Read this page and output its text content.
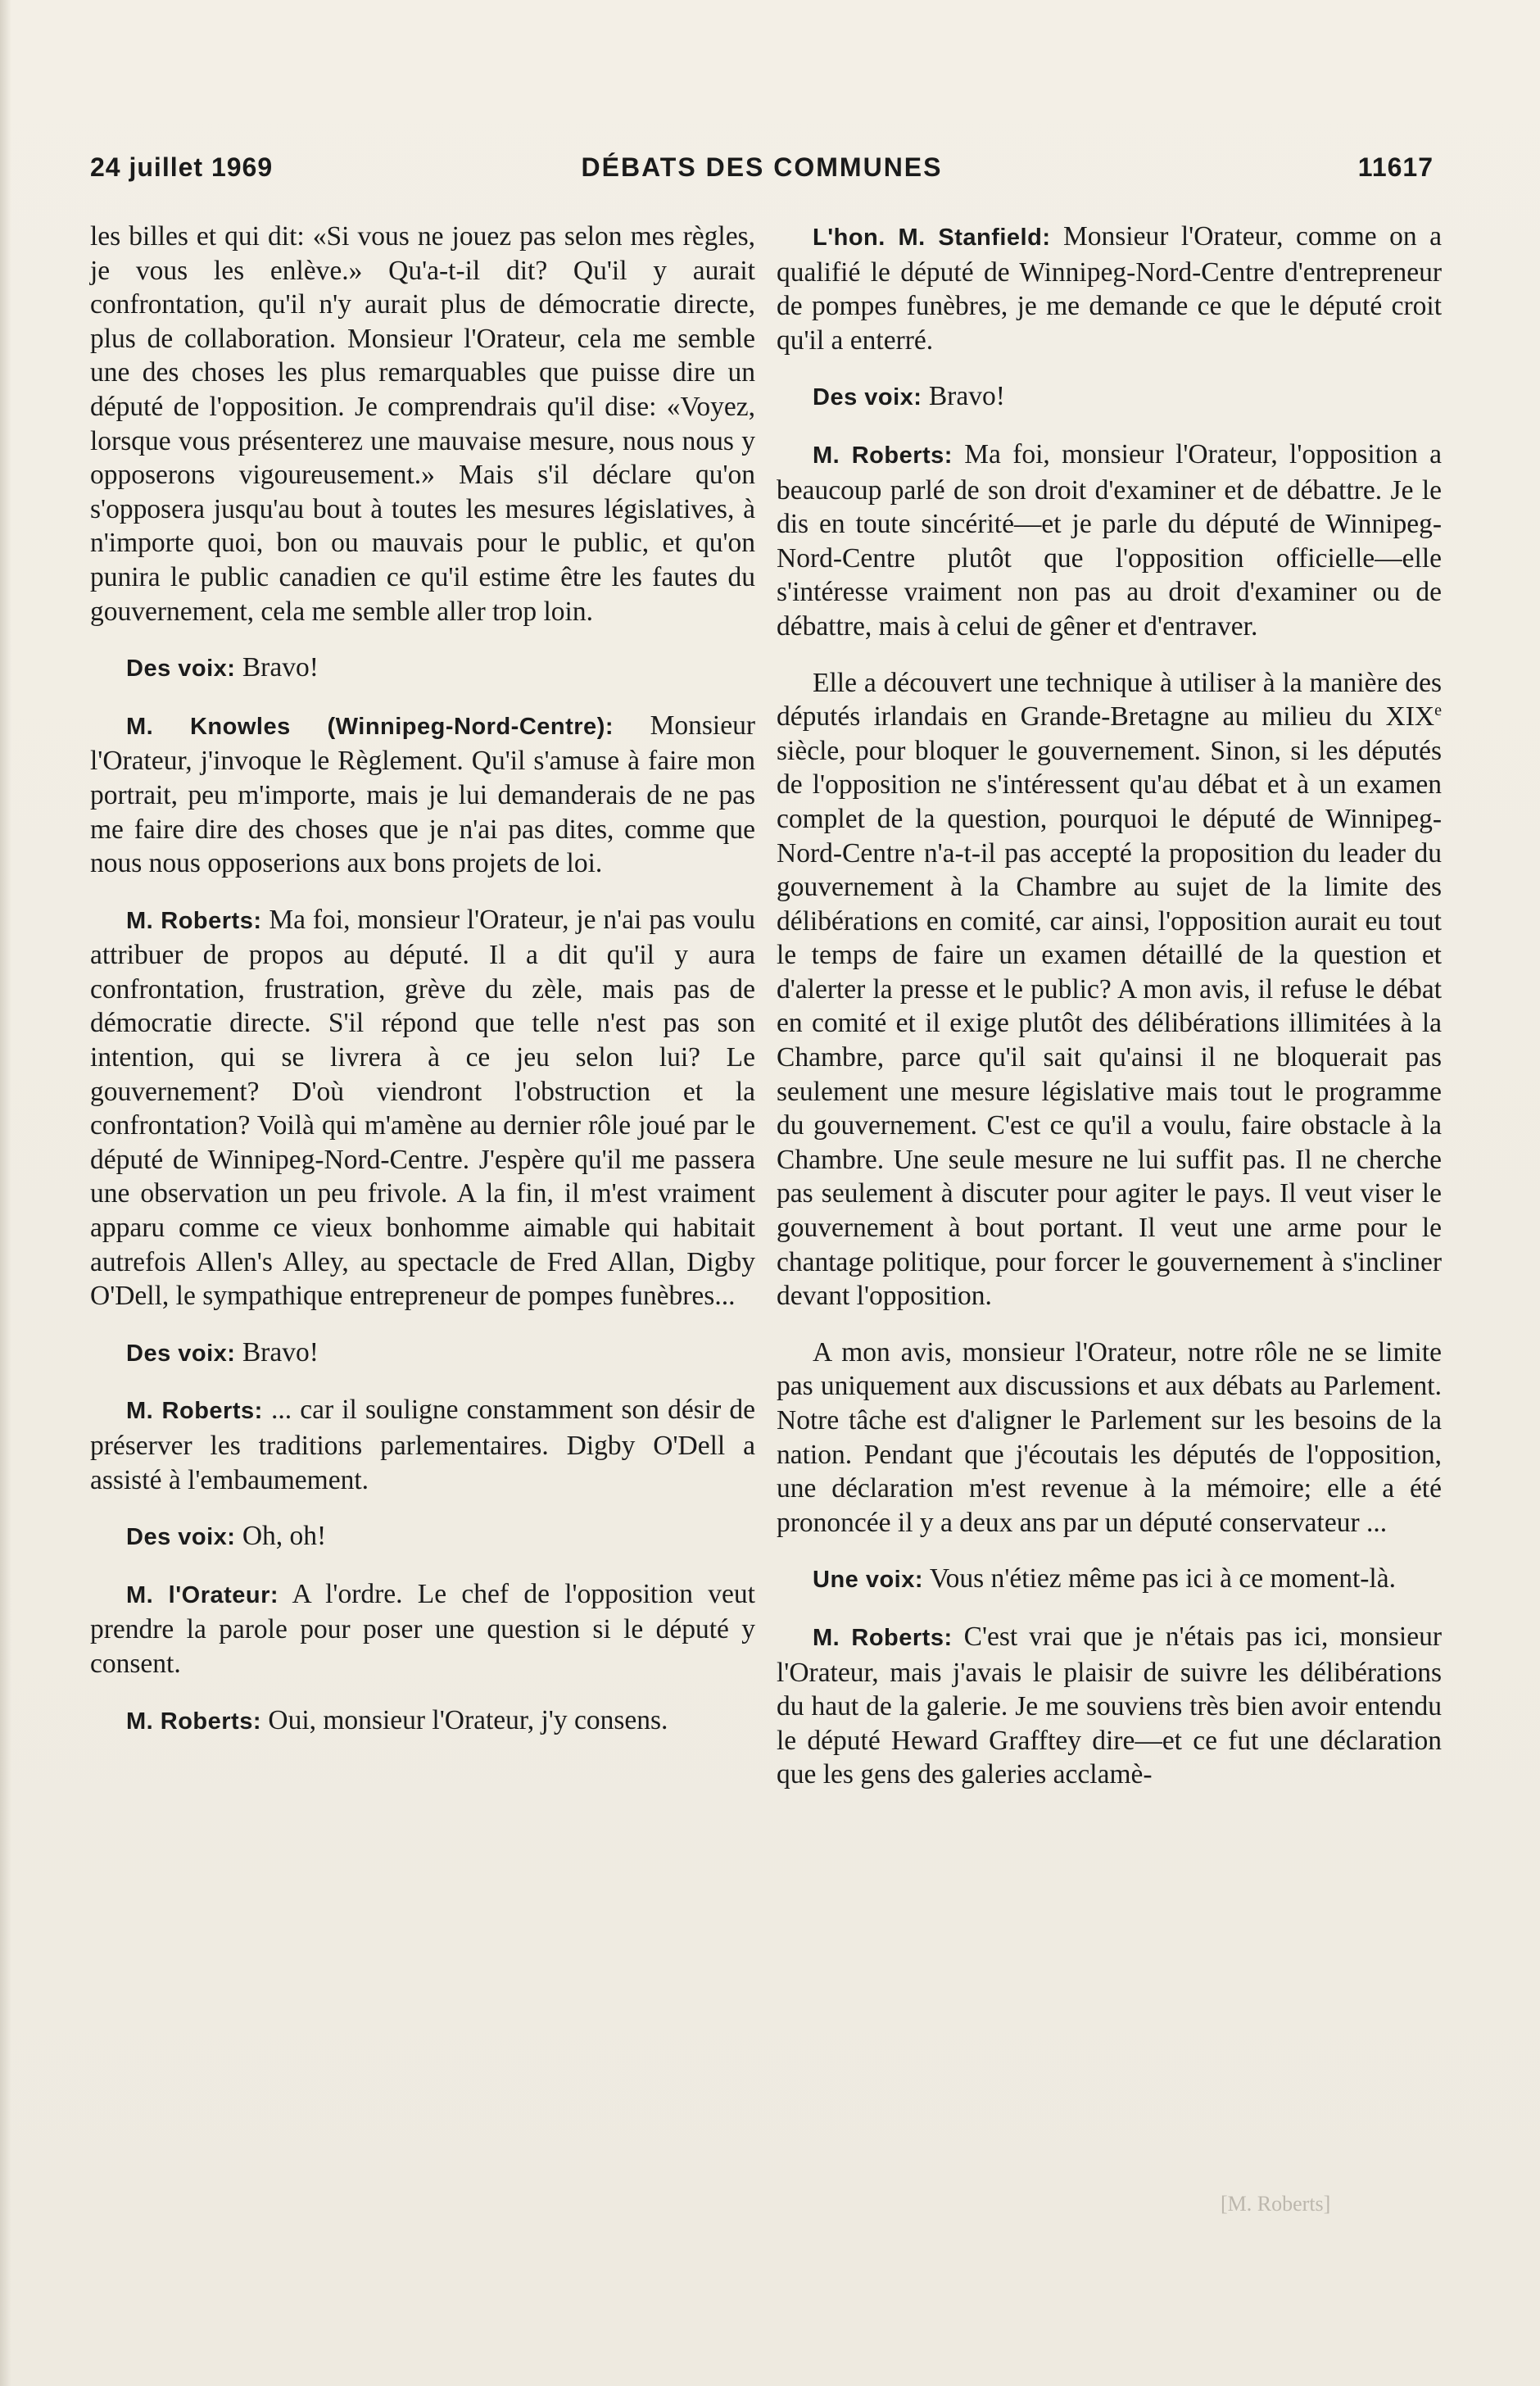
24 juillet 1969	DÉBATS DES COMMUNES	11617

les billes et qui dit: «Si vous ne jouez pas selon mes règles, je vous les enlève.» Qu'a-t-il dit? Qu'il y aurait confrontation, qu'il n'y aurait plus de démocratie directe, plus de collaboration. Monsieur l'Orateur, cela me semble une des choses les plus remarquables que puisse dire un député de l'opposition. Je comprendrais qu'il dise: «Voyez, lorsque vous présenterez une mauvaise mesure, nous nous y opposerons vigoureusement.» Mais s'il déclare qu'on s'opposera jusqu'au bout à toutes les mesures législatives, à n'importe quoi, bon ou mauvais pour le public, et qu'on punira le public canadien ce qu'il estime être les fautes du gouvernement, cela me semble aller trop loin.

Des voix: Bravo!

M. Knowles (Winnipeg-Nord-Centre): Monsieur l'Orateur, j'invoque le Règlement. Qu'il s'amuse à faire mon portrait, peu m'importe, mais je lui demanderais de ne pas me faire dire des choses que je n'ai pas dites, comme que nous nous opposerions aux bons projets de loi.

M. Roberts: Ma foi, monsieur l'Orateur, je n'ai pas voulu attribuer de propos au député. Il a dit qu'il y aura confrontation, frustration, grève du zèle, mais pas de démocratie directe. S'il répond que telle n'est pas son intention, qui se livrera à ce jeu selon lui? Le gouvernement? D'où viendront l'obstruction et la confrontation? Voilà qui m'amène au dernier rôle joué par le député de Winnipeg-Nord-Centre. J'espère qu'il me passera une observation un peu frivole. A la fin, il m'est vraiment apparu comme ce vieux bonhomme aimable qui habitait autrefois Allen's Alley, au spectacle de Fred Allan, Digby O'Dell, le sympathique entrepreneur de pompes funèbres...

Des voix: Bravo!

M. Roberts: ... car il souligne constamment son désir de préserver les traditions parlementaires. Digby O'Dell a assisté à l'embaumement.

Des voix: Oh, oh!

M. l'Orateur: A l'ordre. Le chef de l'opposition veut prendre la parole pour poser une question si le député y consent.

M. Roberts: Oui, monsieur l'Orateur, j'y consens.

L'hon. M. Stanfield: Monsieur l'Orateur, comme on a qualifié le député de Winnipeg-Nord-Centre d'entrepreneur de pompes funèbres, je me demande ce que le député croit qu'il a enterré.

Des voix: Bravo!

M. Roberts: Ma foi, monsieur l'Orateur, l'opposition a beaucoup parlé de son droit d'examiner et de débattre. Je le dis en toute sincérité—et je parle du député de Winnipeg-Nord-Centre plutôt que l'opposition officielle—elle s'intéresse vraiment non pas au droit d'examiner ou de débattre, mais à celui de gêner et d'entraver.

Elle a découvert une technique à utiliser à la manière des députés irlandais en Grande-Bretagne au milieu du XIXe siècle, pour bloquer le gouvernement. Sinon, si les députés de l'opposition ne s'intéressent qu'au débat et à un examen complet de la question, pourquoi le député de Winnipeg-Nord-Centre n'a-t-il pas accepté la proposition du leader du gouvernement à la Chambre au sujet de la limite des délibérations en comité, car ainsi, l'opposition aurait eu tout le temps de faire un examen détaillé de la question et d'alerter la presse et le public? A mon avis, il refuse le débat en comité et il exige plutôt des délibérations illimitées à la Chambre, parce qu'il sait qu'ainsi il ne bloquerait pas seulement une mesure législative mais tout le programme du gouvernement. C'est ce qu'il a voulu, faire obstacle à la Chambre. Une seule mesure ne lui suffit pas. Il ne cherche pas seulement à discuter pour agiter le pays. Il veut viser le gouvernement à bout portant. Il veut une arme pour le chantage politique, pour forcer le gouvernement à s'incliner devant l'opposition.

A mon avis, monsieur l'Orateur, notre rôle ne se limite pas uniquement aux discussions et aux débats au Parlement. Notre tâche est d'aligner le Parlement sur les besoins de la nation. Pendant que j'écoutais les députés de l'opposition, une déclaration m'est revenue à la mémoire; elle a été prononcée il y a deux ans par un député conservateur ...

Une voix: Vous n'étiez même pas ici à ce moment-là.

M. Roberts: C'est vrai que je n'étais pas ici, monsieur l'Orateur, mais j'avais le plaisir de suivre les délibérations du haut de la galerie. Je me souviens très bien avoir entendu le député Heward Grafftey dire—et ce fut une déclaration que les gens des galeries acclamè-

[M. Roberts]
